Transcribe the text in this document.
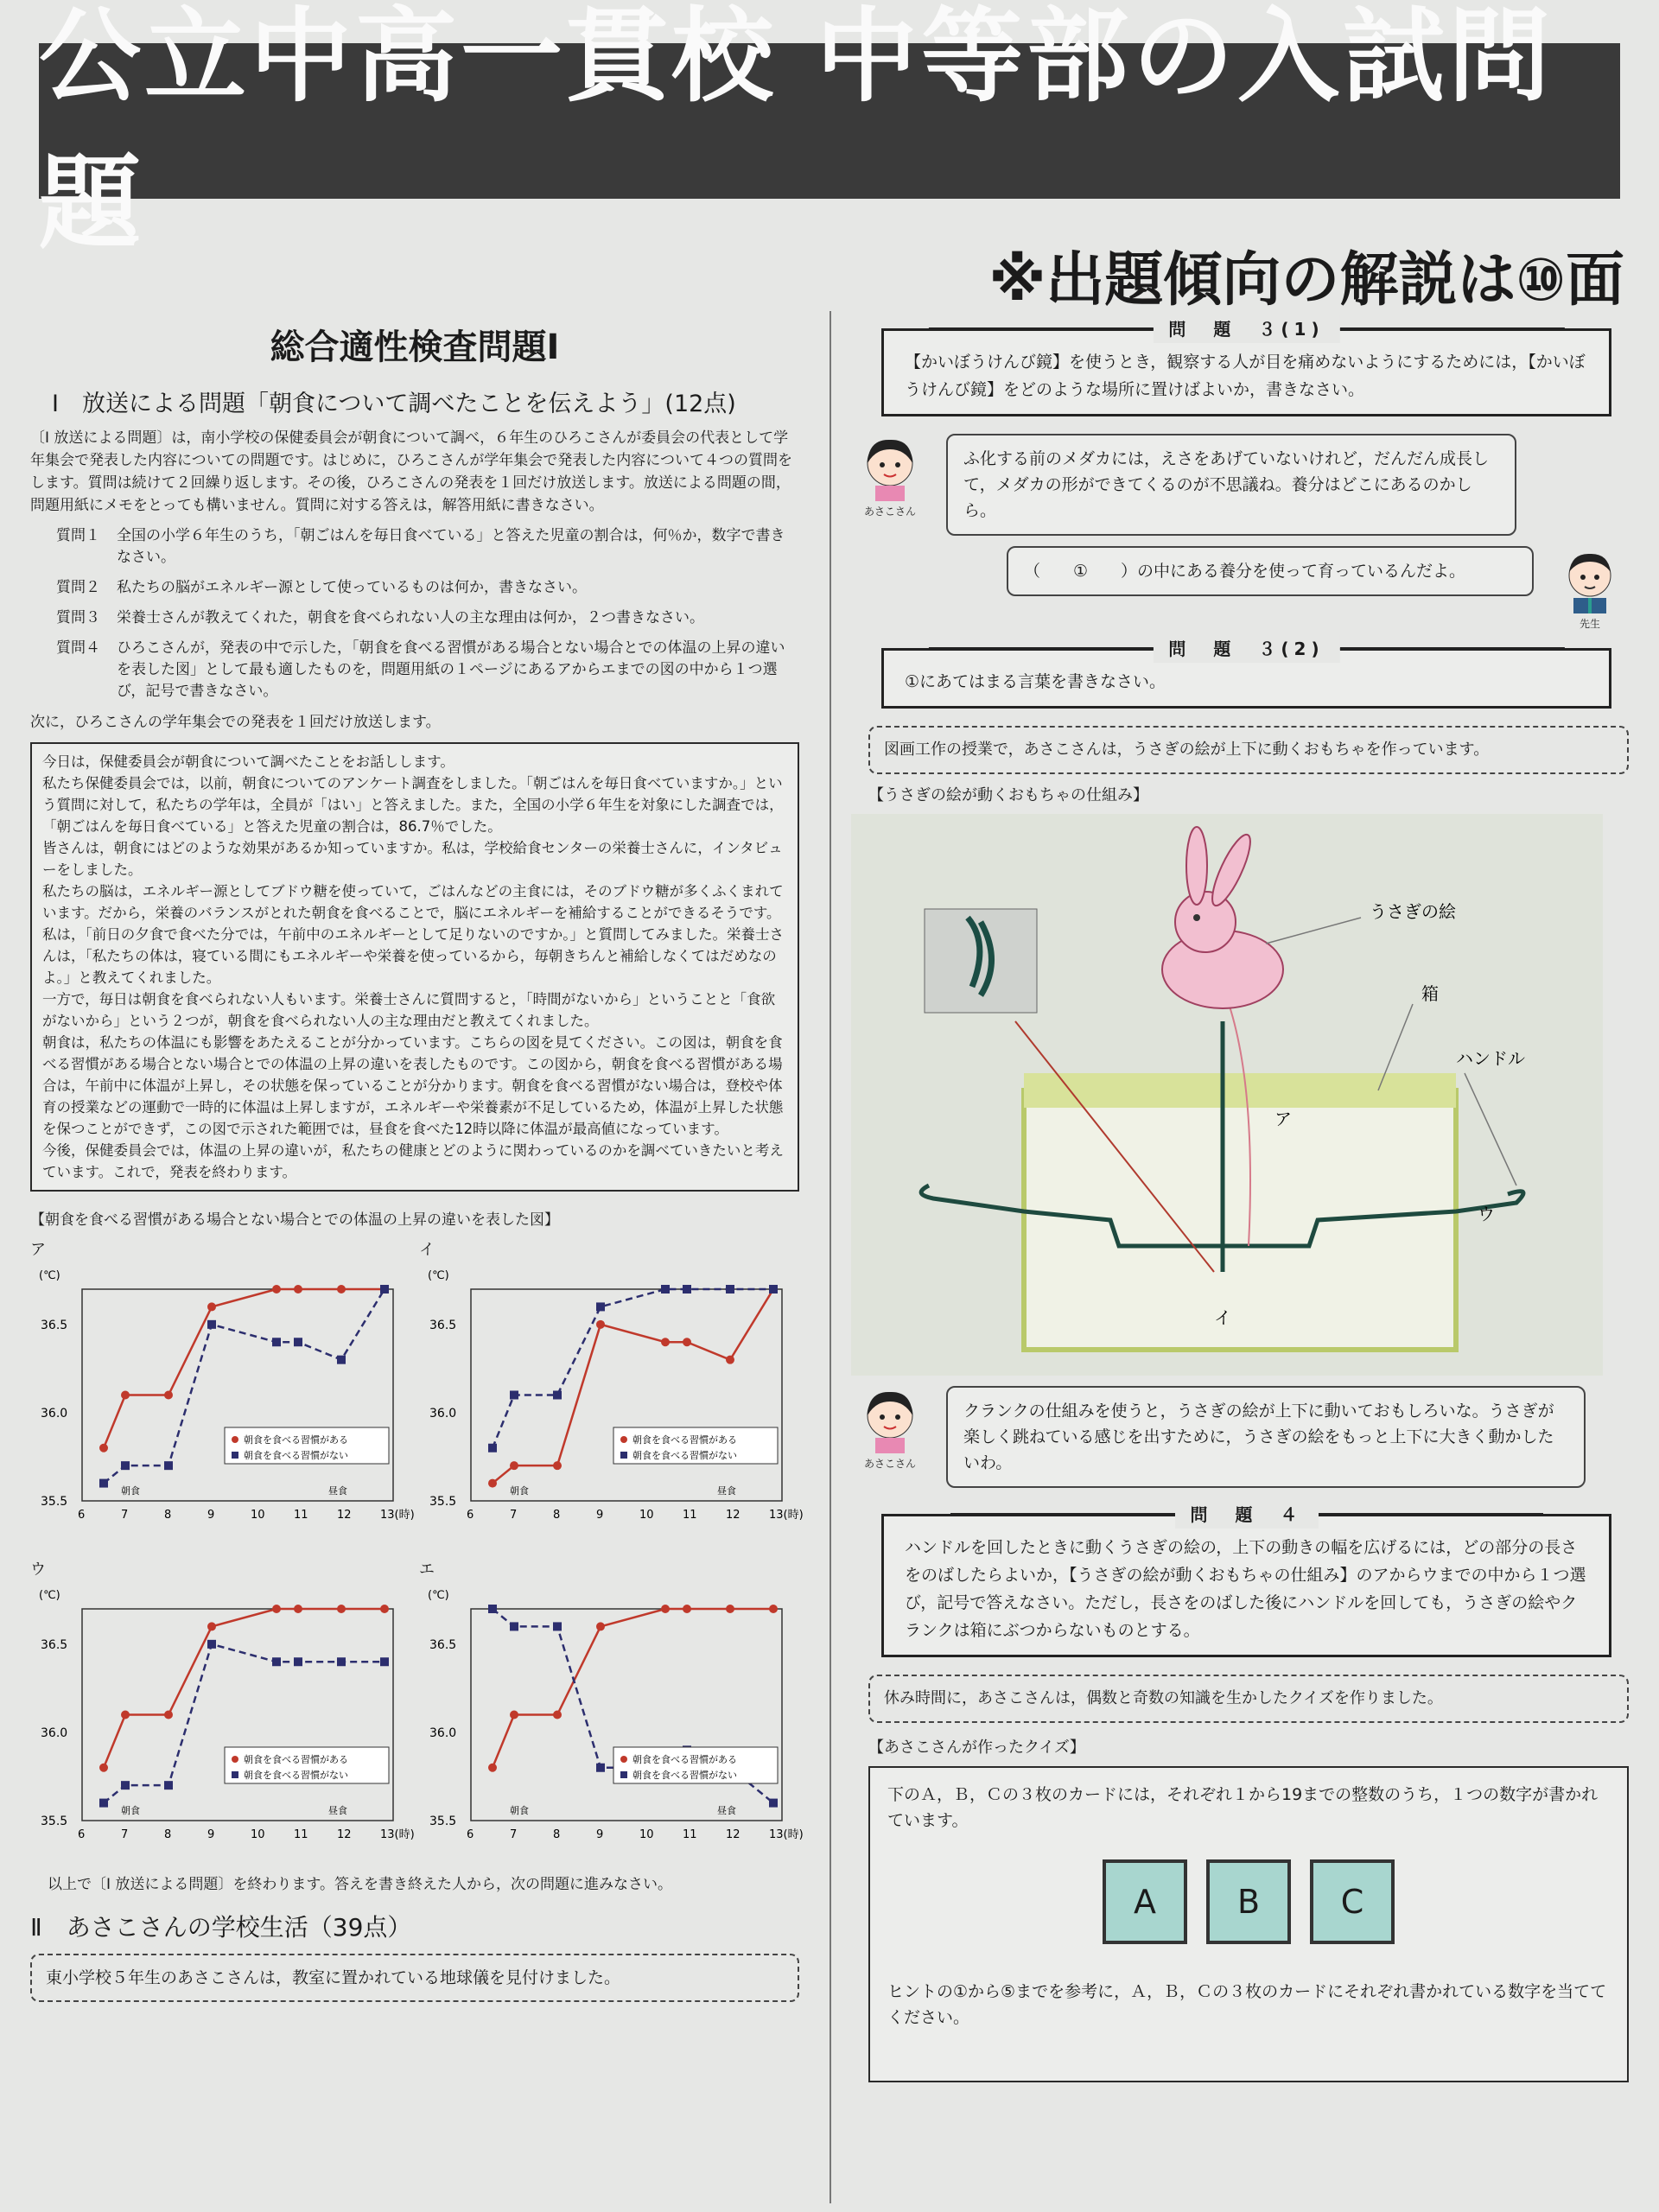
公立中高一貫校 中等部の入試問題
※出題傾向の解説は⑩面
総合適性検査問題Ⅰ
Ⅰ　放送による問題「朝食について調べたことを伝えよう」(12点)
〔Ⅰ 放送による問題〕は，南小学校の保健委員会が朝食について調べ，６年生のひろこさんが委員会の代表として学年集会で発表した内容についての問題です。はじめに，ひろこさんが学年集会で発表した内容について４つの質問をします。質問は続けて２回繰り返します。その後，ひろこさんの発表を１回だけ放送します。放送による問題の間，問題用紙にメモをとっても構いません。質問に対する答えは，解答用紙に書きなさい。
質問１	全国の小学６年生のうち，「朝ごはんを毎日食べている」と答えた児童の割合は，何％か，数字で書きなさい。
質問２	私たちの脳がエネルギー源として使っているものは何か，書きなさい。
質問３	栄養士さんが教えてくれた，朝食を食べられない人の主な理由は何か，２つ書きなさい。
質問４	ひろこさんが，発表の中で示した，「朝食を食べる習慣がある場合とない場合とでの体温の上昇の違いを表した図」として最も適したものを，問題用紙の１ページにあるアからエまでの図の中から１つ選び，記号で書きなさい。
次に，ひろこさんの学年集会での発表を１回だけ放送します。
今日は，保健委員会が朝食について調べたことをお話しします。
私たち保健委員会では，以前，朝食についてのアンケート調査をしました。「朝ごはんを毎日食べていますか。」という質問に対して，私たちの学年は，全員が「はい」と答えました。また，全国の小学６年生を対象にした調査では，「朝ごはんを毎日食べている」と答えた児童の割合は，86.7％でした。
皆さんは，朝食にはどのような効果があるか知っていますか。私は，学校給食センターの栄養士さんに，インタビューをしました。
私たちの脳は，エネルギー源としてブドウ糖を使っていて，ごはんなどの主食には，そのブドウ糖が多くふくまれています。だから，栄養のバランスがとれた朝食を食べることで，脳にエネルギーを補給することができるそうです。私は，「前日の夕食で食べた分では，午前中のエネルギーとして足りないのですか。」と質問してみました。栄養士さんは，「私たちの体は，寝ている間にもエネルギーや栄養を使っているから，毎朝きちんと補給しなくてはだめなのよ。」と教えてくれました。
一方で，毎日は朝食を食べられない人もいます。栄養士さんに質問すると，「時間がないから」ということと「食欲がないから」という２つが，朝食を食べられない人の主な理由だと教えてくれました。
朝食は，私たちの体温にも影響をあたえることが分かっています。こちらの図を見てください。この図は，朝食を食べる習慣がある場合とない場合とでの体温の上昇の違いを表したものです。この図から，朝食を食べる習慣がある場合は，午前中に体温が上昇し，その状態を保っていることが分かります。朝食を食べる習慣がない場合は，登校や体育の授業などの運動で一時的に体温は上昇しますが，エネルギーや栄養素が不足しているため，体温が上昇した状態を保つことができず，この図で示された範囲では，昼食を食べた12時以降に体温が最高値になっています。
今後，保健委員会では，体温の上昇の違いが，私たちの健康とどのように関わっているのかを調べていきたいと考えています。これで，発表を終わります。
【朝食を食べる習慣がある場合とない場合とでの体温の上昇の違いを表した図】
ア
(℃)
35.5
36.0
36.5
6	7	8	9	10	11	12	13(時)
朝食	昼食
朝食を食べる習慣がある
朝食を食べる習慣がない
イ
(℃)
35.5
36.0
36.5
6	7	8	9	10	11	12	13(時)
朝食	昼食
朝食を食べる習慣がある
朝食を食べる習慣がない
ウ
(℃)
35.5
36.0
36.5
6	7	8	9	10	11	12	13(時)
朝食	昼食
朝食を食べる習慣がある
朝食を食べる習慣がない
エ
(℃)
35.5
36.0
36.5
6	7	8	9	10	11	12	13(時)
朝食	昼食
朝食を食べる習慣がある
朝食を食べる習慣がない
以上で〔Ⅰ 放送による問題〕を終わります。答えを書き終えた人から，次の問題に進みなさい。
Ⅱ　あさこさんの学校生活（39点）
東小学校５年生のあさこさんは，教室に置かれている地球儀を見付けました。
問　題　３(1)
【かいぼうけんび鏡】を使うとき，観察する人が目を痛めないようにするためには，【かいぼうけんび鏡】をどのような場所に置けばよいか，書きなさい。
あさこさん
ふ化する前のメダカには，えさをあげていないけれど，だんだん成長して，メダカの形ができてくるのが不思議ね。養分はどこにあるのかしら。
（　　①　　）の中にある養分を使って育っているんだよ。
先生
問　題　３(2)
①にあてはまる言葉を書きなさい。
図画工作の授業で，あさこさんは，うさぎの絵が上下に動くおもちゃを作っています。
【うさぎの絵が動くおもちゃの仕組み】
うさぎの絵
箱
ハンドル
ア
イ
ウ
あさこさん
クランクの仕組みを使うと，うさぎの絵が上下に動いておもしろいな。うさぎが楽しく跳ねている感じを出すために，うさぎの絵をもっと上下に大きく動かしたいわ。
問　題　４
ハンドルを回したときに動くうさぎの絵の，上下の動きの幅を広げるには，どの部分の長さをのばしたらよいか，【うさぎの絵が動くおもちゃの仕組み】のアからウまでの中から１つ選び，記号で答えなさい。ただし，長さをのばした後にハンドルを回しても，うさぎの絵やクランクは箱にぶつからないものとする。
休み時間に，あさこさんは，偶数と奇数の知識を生かしたクイズを作りました。
【あさこさんが作ったクイズ】
下のＡ，Ｂ，Ｃの３枚のカードには，それぞれ１から19までの整数のうち，１つの数字が書かれています。
A	B	C
ヒントの①から⑤までを参考に，Ａ，Ｂ，Ｃの３枚のカードにそれぞれ書かれている数字を当ててください。
